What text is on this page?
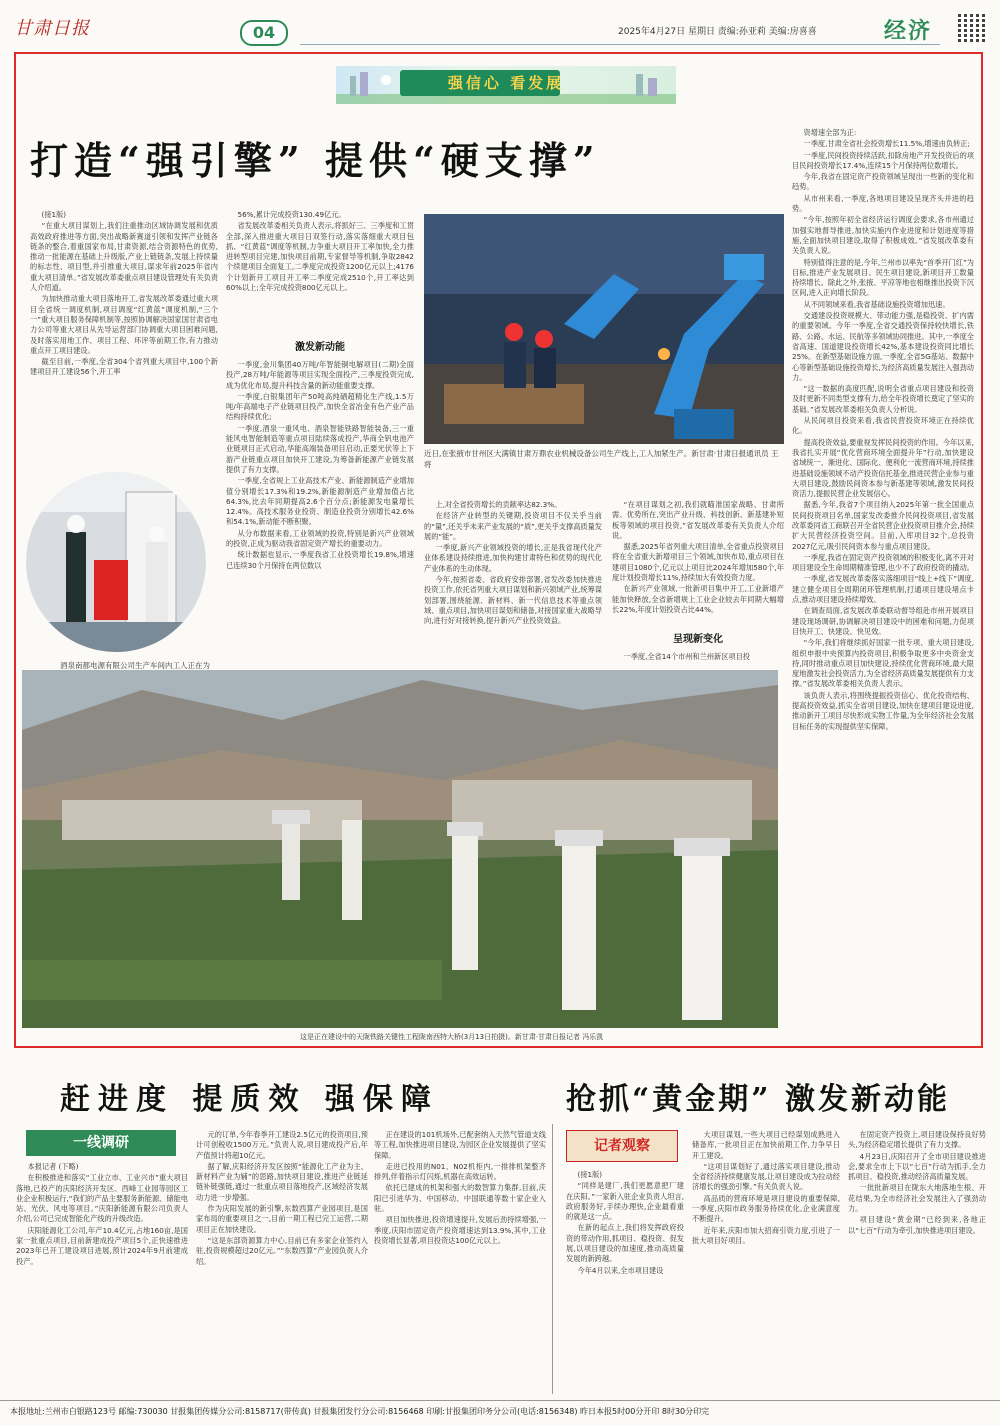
甘肃日报	04	2025年4月27日 星期日 责编:孙亚莉 美编:房喜喜	经济
强信心 看发展
打造“强引擎” 提供“硬支撑”

(接1版)

“在重大项目谋划上,我们注重推动区域协调发展和优质高效政府推进等方面,突出战略新赛道引领和发挥产业链各链条的整合,着重国家布局,甘肃资源,结合资源特色的优势,推动一批能源在基础上升级版,产业上链链条,发展上持续量的标志性、项目型,并引推重大项目,谋求年前2025年省内重大项目清单。”省发展改革委重点项目建设管理处有关负责人介绍道。

为加快推动重大项目落地开工,省发展改革委通过重大项目全省统一调度机制,项目调度“红黄蓝”调度机制,“三个一”重大项目服务保障机制等,按照协调解决国家国甘肃省电力公司等重大项目从先导运营部门协调重大项目困难问题,及时落实用地工作、项目工程、环评等前期工作,有力推动重点开工项目建设。

截至目前,一季度,全省304个省列重大项目中,100个新建项目开工建设56个,开工率

56%,累计完成投资130.49亿元。

省发展改革委相关负责人表示,将抓好三、三季度和工贯全部,深入推进重大项目日双签行动,落实落细重大项目包抓、“红黄蓝”调度等机制,力争重大项目开工率加快,全力推进转型项目完建,加快项目前期,专家督导等机制,争取2842个续建项目全面复工,二季度完成投资1200亿元以上;4176个计划新开工项目开工率二季度完成2510个,开工率达到60%以上;全年完成投资800亿元以上。

激发新动能

一季度,金川集团40万吨/年智能铜电解项目(二期)全面投产,28万吨/年能源等项目实现全面投产,三季度投资完成,成为优化布局,提升科技含量的新动能重要支撑。

一季度,白银集团年产50吨高纯硒超精化生产线,1.5万吨/年高端电子产业链项目投产,加快全省冶金有色产业产品结构持续优化;

一季度,酒泉一重风电、酒泉智能铁路智能装备,三一重能风电智能制造等重点项目陆续落成投产,华商全钒电池产业链项目正式启动,华能高端装备项目启动,正要光伏等上下游产业链重点项目加快开工建设,为筹备新能源产业链发展提供了有力支撑。

一季度,全省规上工业高技术产业、新能源制造产业增加值分别增长17.3%和19.2%,新能源制造产业增加值占比64.3%,比去年同期提高2.6个百分点;新能源发电量增长12.4%。高技术服务业投资、制造业投资分别增长42.6%和54.1%,新动能不断积聚。

从分布数据来看,工业领域的投资,特别是新兴产业领域的投资,正成为驱动我省固定资产增长的重要动力。

统计数据也显示,一季度我省工业投资增长19.8%,增速已连续30个月保持在两位数以

近日,在张掖市甘州区大满镇甘肃万鼎农业机械设备公司生产线上,工人加紧生产。新甘肃·甘肃日报通讯员 王将

上,对全省投资增长的贡献率达82.3%。

在经济产业转型的关键期,投资项目不仅关乎当前的“量”,还关乎未来产业发展的“质”,更关乎支撑高质量发展的“能”。

一季度,新兴产业领域投资的增长,正是我省现代化产业体系建设持续推进,加快构建甘肃特色和优势的现代化产业体系的生动体现。

今年,按照省委、省政府安排部署,省发改委加快推进投资工作,依托省列重大项目谋划和新兴领域产业,统筹谋划部署,围绕能源、新材料、新一代信息技术等重点领域、重点项目,加快项目谋划和储备,对接国家重大战略导向,进行好对接转换,提升新兴产业投资效益。

“在项目谋划之初,我们就瞄准国家战略、甘肃所需、优势所在,突出产业升级、科技创新、新基建补短板等领域的项目投资,”省发展改革委有关负责人介绍说。

据悉,2025年省列重大项目清单,全省重点投资项目将在全省重大新增项目三个领域,加快布局,重点项目在建项目1080个,亿元以上项目比2024年增加580个,年度计划投资增长11%,持续加大有效投资力度。

在新兴产业领域,一批新项目集中开工,工业新增产能加快释放,全省新增规上工业企业较去年同期大幅增长22%,年度计划投资占比44%。

呈现新变化

一季度,全省14个市州和兰州新区项目投

资增速全部为正:

一季度,甘肃全省社会投资增长11.5%,增速由负转正;

一季度,民间投资持续活跃,扣除房地产开发投资后的项目民间投资增长17.4%,连续15个月保持两位数增长。

今年,我省在固定资产投资领域呈现出一些新的变化和趋势。

从市州来看,一季度,各地项目建设呈现齐头并进的趋势。

“今年,按照年初全省经济运行调度会要求,各市州通过加强实地督导推进,加快实施内作业进度和计划进度等措施,全面加快项目建设,取得了积极成效。”省发展改革委有关负责人说。

特别值得注意的是,今年,兰州市以率先“首季开门红”为目标,推进产业发展项目、民生项目建设,新项目开工数量持续增长。除此之外,张掖、平凉等地也相继推出投资下沉区间,进入正向增长阶段。

从不同领域来看,我省基础设施投资增加迅速。

交通建设投资规模大、带动能力强,是稳投资、扩内需的重要领域。今年一季度,全省交通投资保持较快增长,铁路、公路、水运、民航等多领域协同推进。其中,一季度全省高速、国道建设投资增长42%,基本建设投资同比增长25%。在新型基础设施方面,一季度,全省5G基站、数据中心等新型基础设施投资增长,为经济高质量发展注入强劲动力。

“这一数据的高度匹配,说明全省重点项目建设和投资及时更新不同类型支撑有力,给全年投资增长奠定了坚实的基础。”省发展改革委相关负责人分析说。

从民间项目投资来看,我省民营投资环境正在持续优化。

提高投资效益,要重视发挥民间投资的作用。今年以来,我省扎实开展“优化营商环境全面提升年”行动,加快建设省域统一、渐进化、国际化、便利化一流营商环境,持续推进基础设施领域不动产投资信托基金,推进民营企业参与重大项目建设,鼓励民间资本参与新基建等领域,激发民间投资活力,提振民营企业发展信心。

据悉,今年,我省7个项目纳入2025年第一批全国重点民间投资项目名单,国家发改委推介民间投资项目,省发展改革委同省工商联召开全省民营企业投资项目推介会,持续扩大民营经济投资空间。目前,入库项目32个,总投资2027亿元,吸引民间资本参与重点项目建设。

一季度,我省在固定资产投资领域的积极变化,离不开对项目建设全生命周期精准管理,也少不了政府投资的撬动。

一季度,省发展改革委落实落细项目“线上+线下”调度,建立健全项目全周期闭环管理机制,打通项目建设堵点卡点,推动项目建设持续增效。

在调查局面,省发展改革委联动督导组赴市州开展项目建设现场调研,协调解决项目建设中的困难和问题,力促项目快开工、快建设、快见效。

“今年,我们将继续抓好国家一批专项、重大项目建设,组织申报中央预算内投资项目,积极争取更多中央资金支持,同时推动重点项目加快建设,持续优化营商环境,最大限度地激发社会投资活力,为全省经济高质量发展提供有力支撑。”省发展改革委相关负责人表示。

该负责人表示,将围绕提振投资信心、优化投资结构、提高投资效益,抓实全省项目建设,加快在建项目建设进度,推动新开工项目尽快形成实物工作量,为全年经济社会发展目标任务的实现提供坚实保障。

酒泉南都电源有限公司生产车间内工人正在为
这是正在建设中的天陇铁路关键性工程陇南西特大桥(3月13日拍摄)。新甘肃·甘肃日报记者 冯乐凯
赶进度 提质效 强保障	抢抓“黄金期” 激发新动能
一线调研

本报记者 (下略)

在积极推进和落实“工业立市、工业兴市”重大项目落地,已投产的庆阳经济开发区、西峰工业园等园区工业企业积极运行,“我们的产品主要服务新能源、储能电站、光伏、风电等项目。”庆阳新能源有限公司负责人介绍,公司已完成智能化产线的升级改造。

庆阳能源化工公司,年产10.4亿元,占地160亩,是国家一批重点项目,目前新建成投产项目5个,正快速推进2023年已开工建设项目进展,预计2024年9月前建成投产。

元的订单,今年春季开工建设2.5亿元的投资项目,预计可创税收1500万元。”负责人说,项目建成投产后,年产值预计将超10亿元。

据了解,庆阳经济开发区按照“能源化工产业为主、新材料产业为辅”的思路,加快项目建设,推进产业链延链补链强链,通过一批重点项目落地投产,区域经济发展动力进一步增强。

作为庆阳发展的新引擎,东数西算产业园项目,是国家布局的重要项目之一,目前一期工程已完工运营,二期项目正在加快建设。

“这是东部资源算力中心,目前已有多家企业签约入驻,投资规模超过20亿元。”“东数西算”产业园负责人介绍。

正在建设的101机场外,已配套纳入天然气管道支线等工程,加快推进项目建设,为园区企业发展提供了坚实保障。

走进已投用的N01、N02机柜内,一排排机架整齐排列,伴着指示灯闪烁,机器在高效运转。

依托已建成的机架和强大的数智算力集群,目前,庆阳已引进华为、中国移动、中国联通等数十家企业入驻。

项目加快推进,投资增速提升,发展后劲持续增强,一季度,庆阳市固定资产投资增速达到13.9%,其中,工业投资增长显著,项目投资达100亿元以上。

记者观察

(接1版)

“同样是建厂,我们更愿意把厂建在庆阳。”一家新入驻企业负责人坦言,政府服务好,手续办理快,企业最看重的就是这一点。

在新的起点上,我们将发挥政府投资的带动作用,抓项目、稳投资、促发展,以项目建设的加速度,推动高质量发展的新跨越。

今年4月以来,全市项目建设

大项目谋划,一些大项目已经谋划成熟进入储备库,一批项目正在加快前期工作,力争早日开工建设。

“这项目谋划好了,通过落实项目建设,推动全省经济持续健康发展,让项目建设成为拉动经济增长的强劲引擎。”有关负责人说。

高品质的营商环境是项目建设的重要保障,一季度,庆阳市政务服务持续优化,企业满意度不断提升。

近年来,庆阳市加大招商引资力度,引进了一批大项目好项目。

在固定资产投资上,项目建设保持良好势头,为经济稳定增长提供了有力支撑。

4月23日,庆阳召开了全市项目建设推进会,要求全市上下以“七百”行动为抓手,全力抓项目、稳投资,推动经济高质量发展。

一批批新项目在陇东大地落地生根、开花结果,为全市经济社会发展注入了强劲动力。

项目建设“黄金期”已经到来,各地正以“七百”行动为牵引,加快推进项目建设。

本报地址:兰州市白银路123号 邮编:730030 甘报集团传媒分公司:8158717(带传真) 甘报集团发行分公司:8156468 印刷:甘报集团印务分公司(电话:8156348) 昨日本报5时00分开印 8时30分印完
